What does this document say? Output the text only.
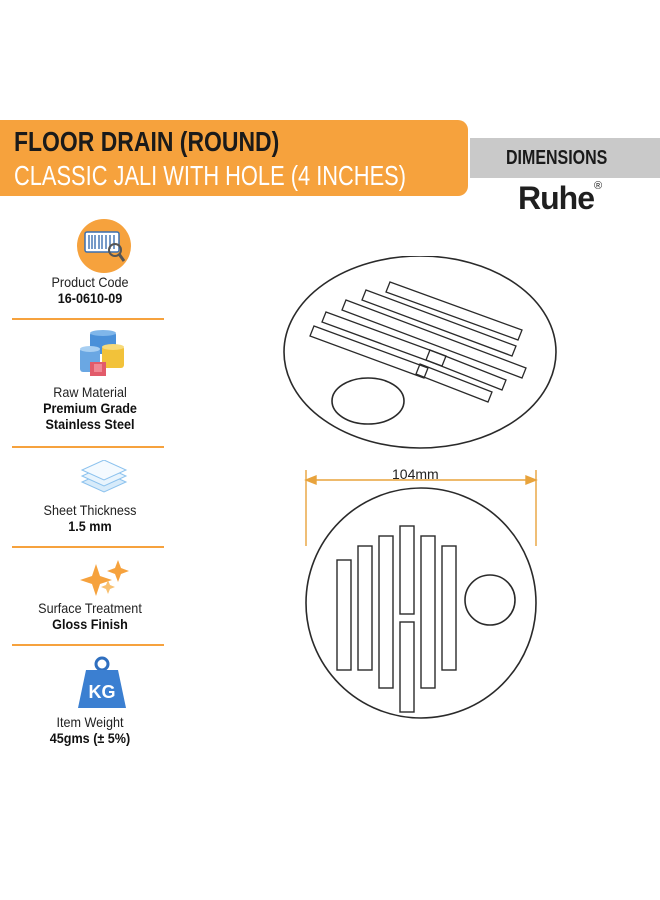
FLOOR DRAIN (ROUND)
CLASSIC JALI WITH HOLE (4 INCHES)
DIMENSIONS
Ruhe®
Product Code
16-0610-09
Raw Material
Premium Grade
Stainless Steel
Sheet Thickness
1.5 mm
Surface Treatment
Gloss Finish
KG
Item Weight
45gms (± 5%)
104mm
